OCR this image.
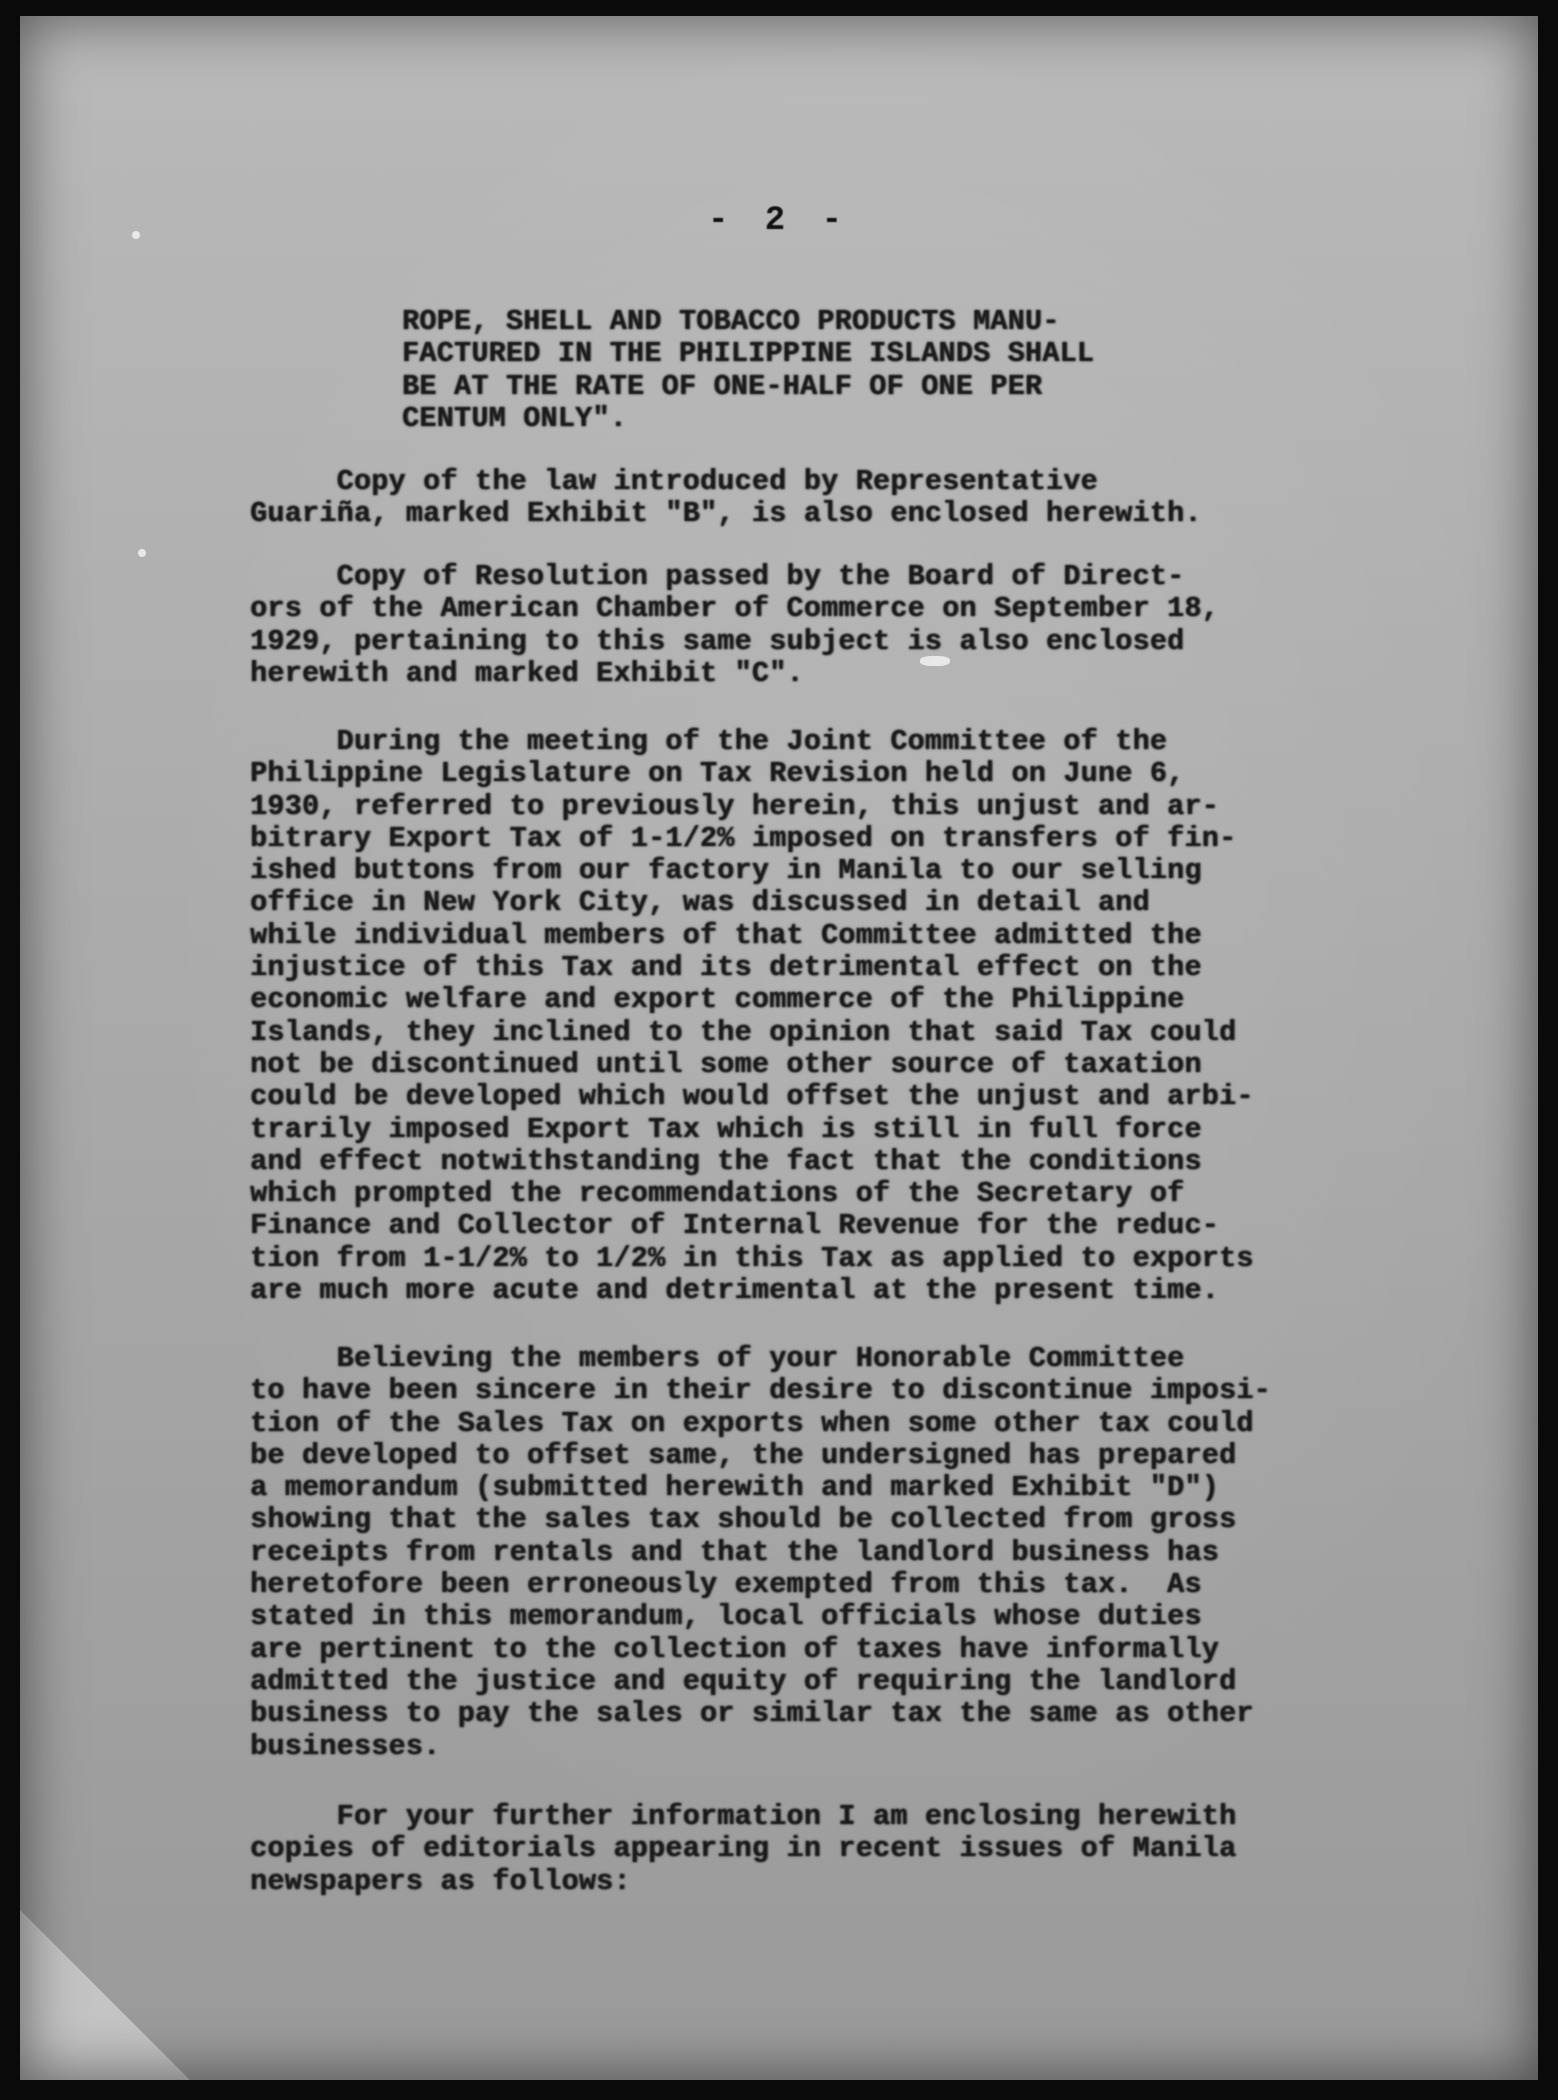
- 2 -
ROPE, SHELL AND TOBACCO PRODUCTS MANU-
FACTURED IN THE PHILIPPINE ISLANDS SHALL
BE AT THE RATE OF ONE-HALF OF ONE PER
CENTUM ONLY".
Copy of the law introduced by Representative
Guariña, marked Exhibit "B", is also enclosed herewith.
Copy of Resolution passed by the Board of Direct-
ors of the American Chamber of Commerce on September 18,
1929, pertaining to this same subject is also enclosed
herewith and marked Exhibit "C".
During the meeting of the Joint Committee of the
Philippine Legislature on Tax Revision held on June 6,
1930, referred to previously herein, this unjust and ar-
bitrary Export Tax of 1-1/2% imposed on transfers of fin-
ished buttons from our factory in Manila to our selling
office in New York City, was discussed in detail and
while individual members of that Committee admitted the
injustice of this Tax and its detrimental effect on the
economic welfare and export commerce of the Philippine
Islands, they inclined to the opinion that said Tax could
not be discontinued until some other source of taxation
could be developed which would offset the unjust and arbi-
trarily imposed Export Tax which is still in full force
and effect notwithstanding the fact that the conditions
which prompted the recommendations of the Secretary of
Finance and Collector of Internal Revenue for the reduc-
tion from 1-1/2% to 1/2% in this Tax as applied to exports
are much more acute and detrimental at the present time.
Believing the members of your Honorable Committee
to have been sincere in their desire to discontinue imposi-
tion of the Sales Tax on exports when some other tax could
be developed to offset same, the undersigned has prepared
a memorandum (submitted herewith and marked Exhibit "D")
showing that the sales tax should be collected from gross
receipts from rentals and that the landlord business has
heretofore been erroneously exempted from this tax.  As
stated in this memorandum, local officials whose duties
are pertinent to the collection of taxes have informally
admitted the justice and equity of requiring the landlord
business to pay the sales or similar tax the same as other
businesses.
For your further information I am enclosing herewith
copies of editorials appearing in recent issues of Manila
newspapers as follows:
